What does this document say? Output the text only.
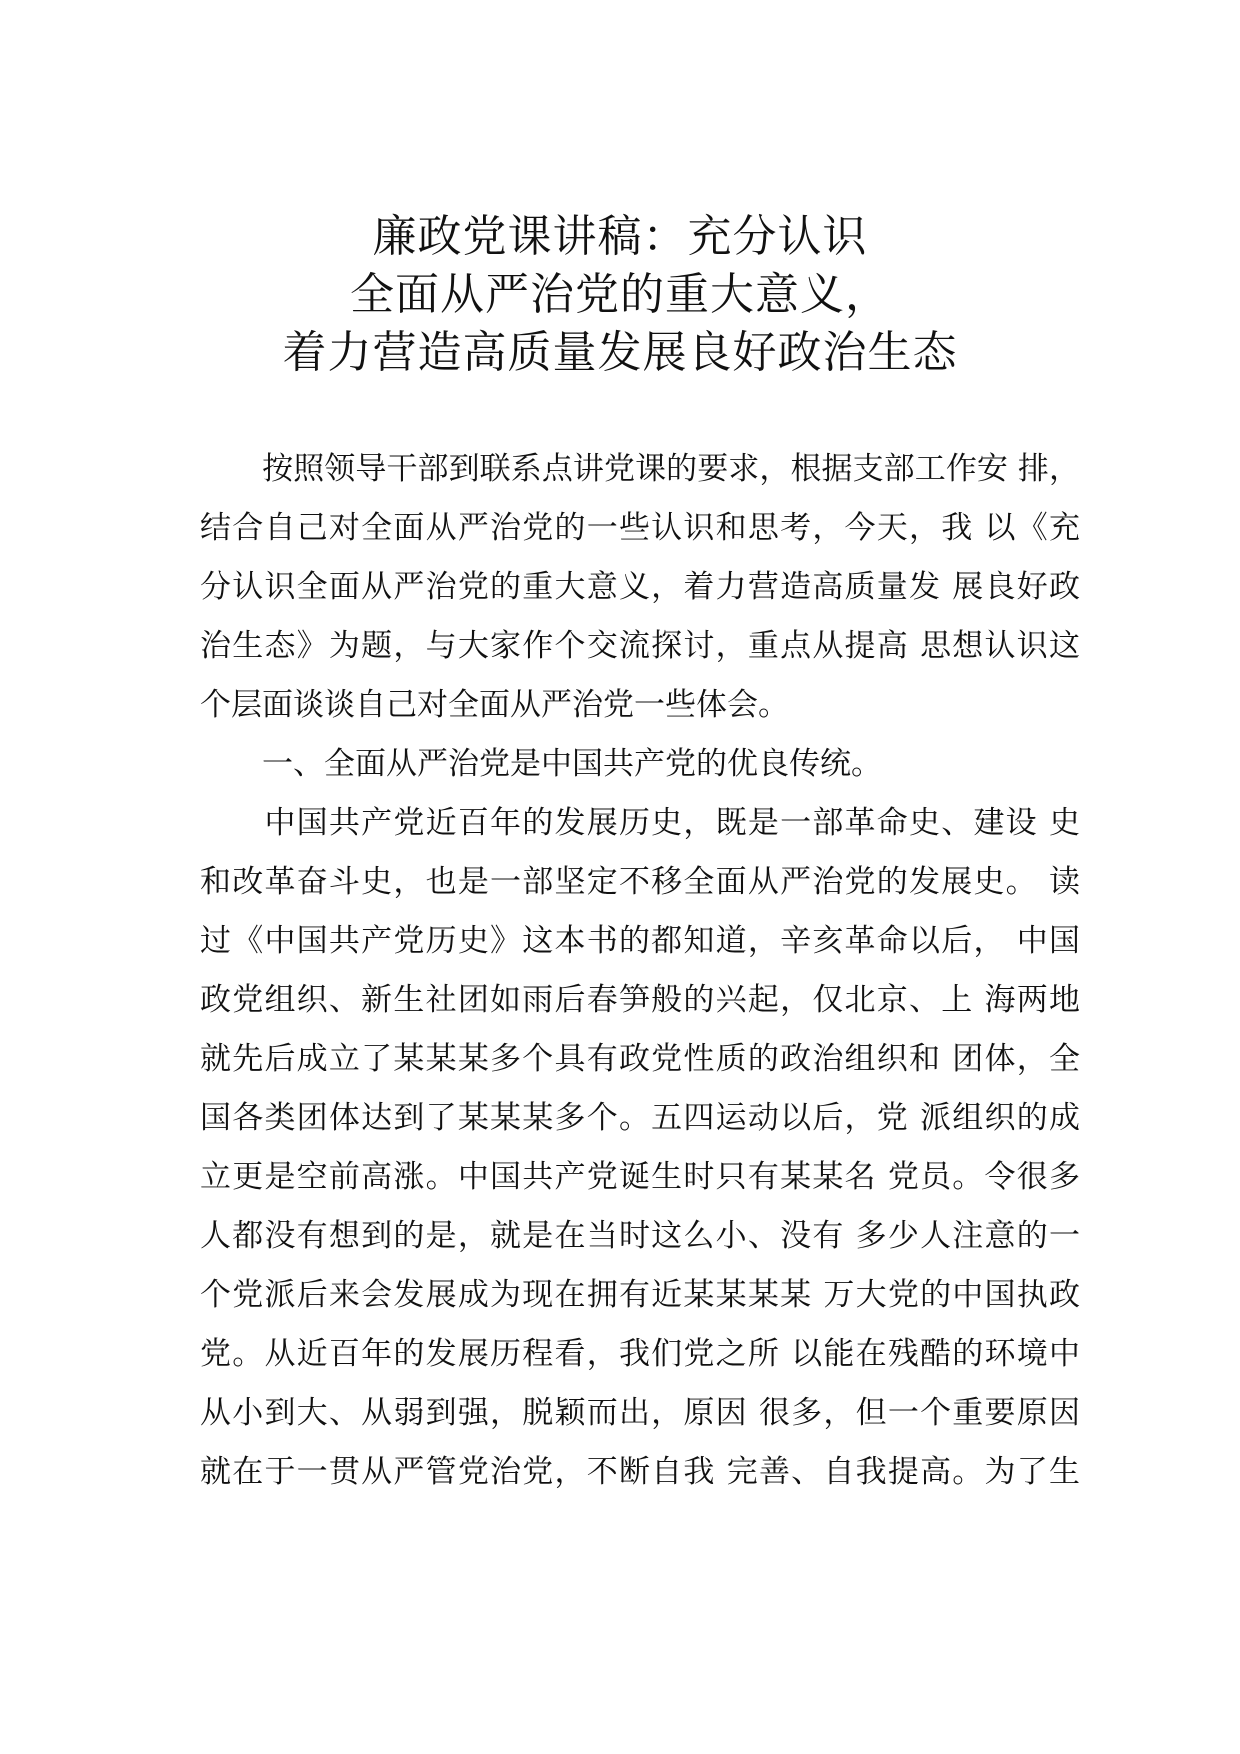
廉政党课讲稿：充分认识
全面从严治党的重大意义，
着力营造高质量发展良好政治生态
　　按照领导干部到联系点讲党课的要求，根据支部工作安 排，
结合自己对全面从严治党的一些认识和思考，今天，我 以《充
分认识全面从严治党的重大意义，着力营造高质量发 展良好政
治生态》为题，与大家作个交流探讨，重点从提高 思想认识这
个层面谈谈自己对全面从严治党一些体会。
　　一、全面从严治党是中国共产党的优良传统。
　　中国共产党近百年的发展历史，既是一部革命史、建设 史
和改革奋斗史，也是一部坚定不移全面从严治党的发展史。 读
过《中国共产党历史》这本书的都知道，辛亥革命以后， 中国
政党组织、新生社团如雨后春笋般的兴起，仅北京、上 海两地
就先后成立了某某某多个具有政党性质的政治组织和 团体，全
国各类团体达到了某某某多个。五四运动以后，党 派组织的成
立更是空前高涨。中国共产党诞生时只有某某名 党员。令很多
人都没有想到的是，就是在当时这么小、没有 多少人注意的一
个党派后来会发展成为现在拥有近某某某某 万大党的中国执政
党。从近百年的发展历程看，我们党之所 以能在残酷的环境中
从小到大、从弱到强，脱颖而出，原因 很多，但一个重要原因
就在于一贯从严管党治党，不断自我 完善、自我提高。为了生
